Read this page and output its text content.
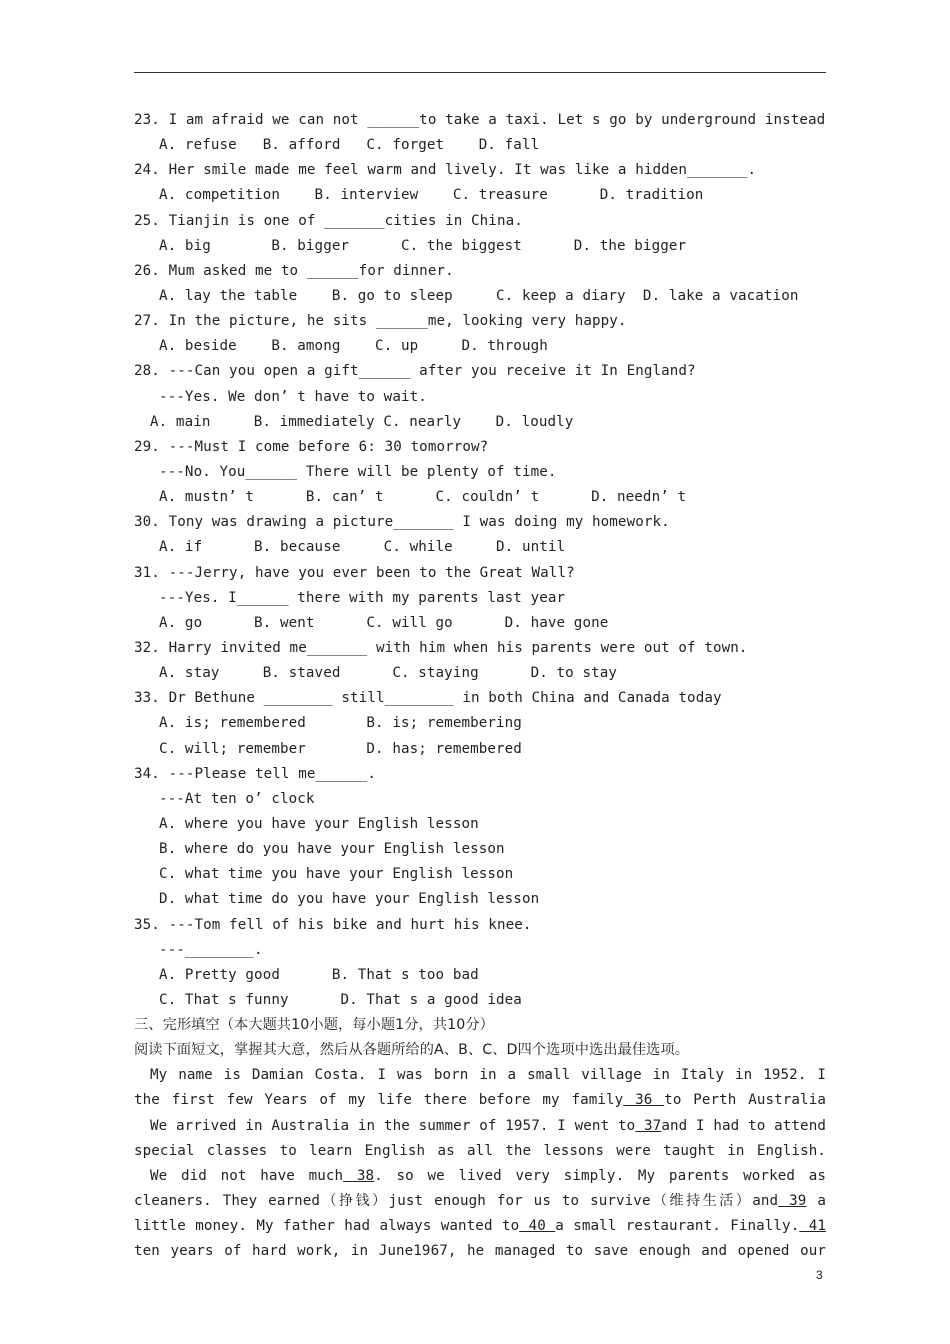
23. I am afraid we can not ______to take a taxi. Let s go by underground instead
A. refuse   B. afford   C. forget    D. fall
24. Her smile made me feel warm and lively. It was like a hidden_______.
A. competition    B. interview    C. treasure      D. tradition
25. Tianjin is one of _______cities in China.
A. big       B. bigger      C. the biggest      D. the bigger
26. Mum asked me to ______for dinner.
A. lay the table    B. go to sleep     C. keep a diary  D. lake a vacation
27. In the picture, he sits ______me, looking very happy.
A. beside    B. among    C. up     D. through
28. ---Can you open a gift______ after you receive it In England?
---Yes. We don’ t have to wait.
A. main     B. immediately C. nearly    D. loudly
29. ---Must I come before 6: 30 tomorrow?
---No. You______ There will be plenty of time.
A. mustn’ t      B. can’ t      C. couldn’ t      D. needn’ t
30. Tony was drawing a picture_______ I was doing my homework.
A. if      B. because     C. while     D. until
31. ---Jerry, have you ever been to the Great Wall?
---Yes. I______ there with my parents last year
A. go      B. went      C. will go      D. have gone
32. Harry invited me_______ with him when his parents were out of town.
A. stay     B. staved      C. staying      D. to stay
33. Dr Bethune ________ still________ in both China and Canada today
A. is; remembered       B. is; remembering
C. will; remember       D. has; remembered
34. ---Please tell me______.
---At ten o’ clock
A. where you have your English lesson
B. where do you have your English lesson
C. what time you have your English lesson
D. what time do you have your English lesson
35. ---Tom fell of his bike and hurt his knee.
---________.
A. Pretty good      B. That s too bad
C. That s funny      D. That s a good idea
三、完形填空（本大题共10小题，每小题1分，共10分）
阅读下面短文，掌握其大意，然后从各题所给的A、B、C、D四个选项中选出最佳选项。
My name is Damian Costa. I was born in a small village in Italy in 1952. I
the first few Years of my life there before my family 36 to Perth Australia
We arrived in Australia in the summer of 1957. I went to 37and I had to attend
special classes to learn English as all the lessons were taught in English.
We did not have much 38. so we lived very simply. My parents worked as
cleaners. They earned（挣钱）just enough for us to survive（维持生活）and 39 a
little money. My father had always wanted to 40 a small restaurant. Finally. 41
ten years of hard work, in June1967, he managed to save enough and opened our
3
